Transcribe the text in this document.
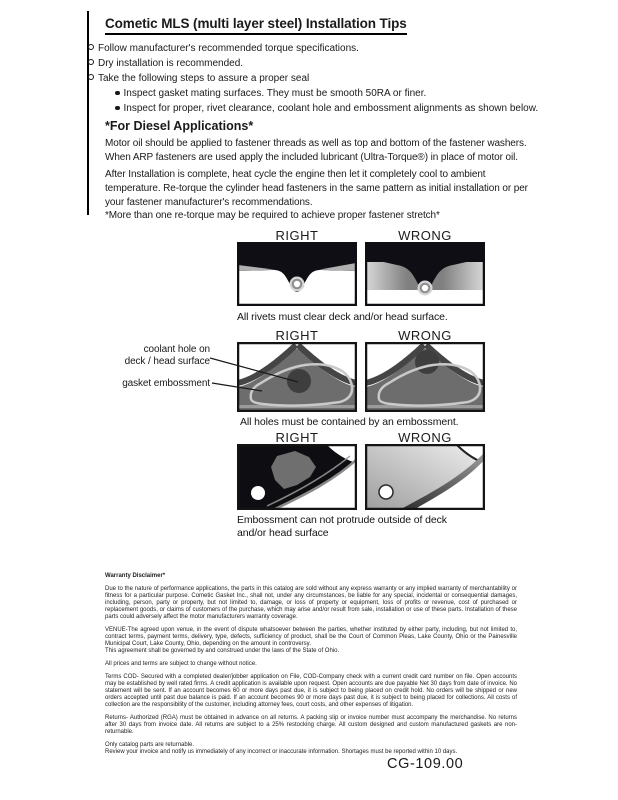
Cometic MLS (multi layer steel) Installation Tips
Follow manufacturer's recommended torque specifications.
Dry installation is recommended.
Take the following steps to assure a proper seal
Inspect gasket mating surfaces. They must be smooth 50RA or finer.
Inspect for proper, rivet clearance, coolant hole and embossment alignments as shown below.
*For Diesel Applications*
Motor oil should be applied to fastener threads as well as top and bottom of the fastener washers. When ARP fasteners are used apply the included lubricant (Ultra-Torque®) in place of motor oil.
After Installation is complete, heat cycle the engine then let it completely cool to ambient temperature. Re-torque the cylinder head fasteners in the same pattern as initial installation or per your fastener manufacturer's recommendations.
*More than one re-torque may be required to achieve proper fastener stretch*
RIGHT	WRONG
All rivets must clear deck and/or head surface.
RIGHT	WRONG
coolant hole on
deck / head surface
gasket embossment
All holes must be contained by an embossment.
RIGHT	WRONG
Embossment can not protrude outside of deck
and/or head surface

Warranty Disclaimer*

Due to the nature of performance applications, the parts in this catalog are sold without any express warranty or any implied warranty of merchantability or fitness for a particular purpose. Cometic Gasket Inc., shall not, under any circumstances, be liable for any special, incidental or consequential damages, including, person, party or property, but not limited to, damage, or loss of property or equipment, loss of profits or revenue, cost of purchased or replacement goods, or claims of customers of the purchase, which may arise and/or result from sale, installation or use of these parts. Installation of these parts could adversely affect the motor manufacturers warranty coverage.

VENUE-The agreed upon venue, in the event of dispute whatsoever between the parties, whether instituted by either party, including, but not limited to, contract terms, payment terms, delivery, type, defects, sufficiency of product, shall be the Court of Common Pleas, Lake County, Ohio or the Painesville Municipal Court, Lake County, Ohio, depending on the amount in controversy.
This agreement shall be governed by and construed under the laws of the State of Ohio.

All prices and terms are subject to change without notice.

Terms COD- Secured with a completed dealer/jobber application on File, COD-Company check with a current credit card number on file. Open accounts may be established by well rated firms. A credit application is available upon request. Open accounts are due payable Net 30 days from date of invoice. No statement will be sent. If an account becomes 60 or more days past due, it is subject to being placed on credit hold. No orders will be shipped or new orders accepted until past due balance is paid. If an account becomes 90 or more days past due, it is subject to being placed for collections. All costs of collection are the responsibility of the customer, including attorney fees, court costs, and other expenses of litigation.

Returns- Authorized (RGA) must be obtained in advance on all returns. A packing slip or invoice number must accompany the merchandise. No returns after 30 days from invoice date. All returns are subject to a 25% restocking charge. All custom designed and custom manufactured gaskets are non-returnable.

Only catalog parts are returnable.
Review your invoice and notify us immediately of any incorrect or inaccurate information. Shortages must be reported within 10 days.

CG-109.00
